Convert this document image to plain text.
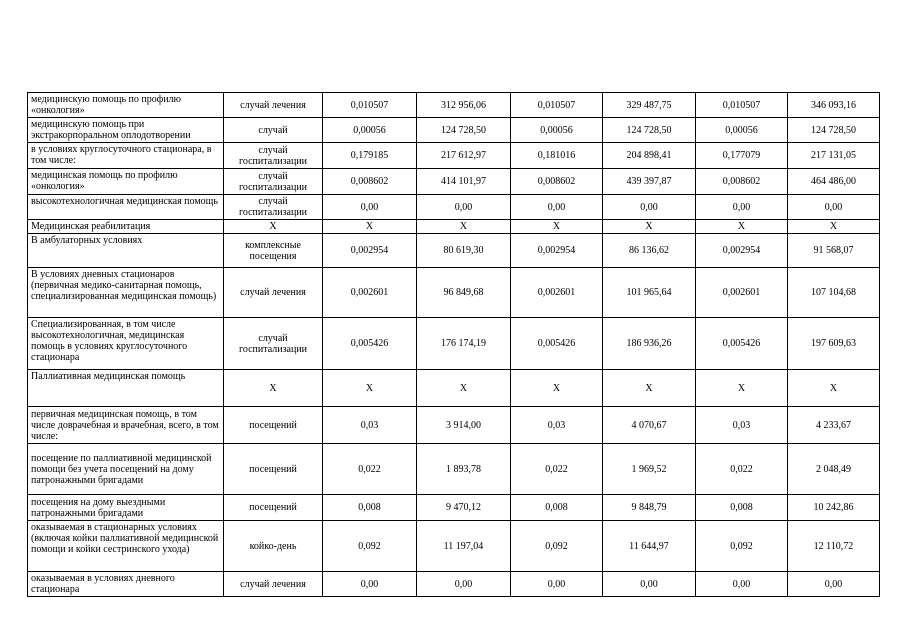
медицинскую помощь по профилю «онкология»	случай лечения	0,010507	312 956,06	0,010507	329 487,75	0,010507	346 093,16
медицинскую помощь при экстракорпоральном оплодотворении	случай	0,00056	124 728,50	0,00056	124 728,50	0,00056	124 728,50
в условиях круглосуточного стационара, в том числе:	случай госпитализации	0,179185	217 612,97	0,181016	204 898,41	0,177079	217 131,05
медицинская помощь по профилю «онкология»	случай госпитализации	0,008602	414 101,97	0,008602	439 397,87	0,008602	464 486,00
высокотехнологичная медицинская помощь	случай госпитализации	0,00	0,00	0,00	0,00	0,00	0,00
Медицинская реабилитация	Х	Х	Х	Х	Х	Х	Х
В амбулаторных условиях	комплексные посещения	0,002954	80 619,30	0,002954	86 136,62	0,002954	91 568,07
В условиях дневных стационаров (первичная медико-санитарная помощь, специализированная медицинская помощь)	случай лечения	0,002601	96 849,68	0,002601	101 965,64	0,002601	107 104,68
Специализированная, в том числе высокотехнологичная, медицинская помощь в условиях круглосуточного стационара	случай госпитализации	0,005426	176 174,19	0,005426	186 936,26	0,005426	197 609,63
Паллиативная медицинская помощь	Х	Х	Х	Х	Х	Х	Х
первичная медицинская помощь, в том числе доврачебная и врачебная, всего, в том числе:	посещений	0,03	3 914,00	0,03	4 070,67	0,03	4 233,67
посещение по паллиативной медицинской помощи без учета посещений на дому патронажными бригадами	посещений	0,022	1 893,78	0,022	1 969,52	0,022	2 048,49
посещения на дому выездными патронажными бригадами	посещений	0,008	9 470,12	0,008	9 848,79	0,008	10 242,86
оказываемая в стационарных условиях (включая койки паллиативной медицинской помощи и койки сестринского ухода)	койко-день	0,092	11 197,04	0,092	11 644,97	0,092	12 110,72
оказываемая в условиях дневного стационара	случай лечения	0,00	0,00	0,00	0,00	0,00	0,00
